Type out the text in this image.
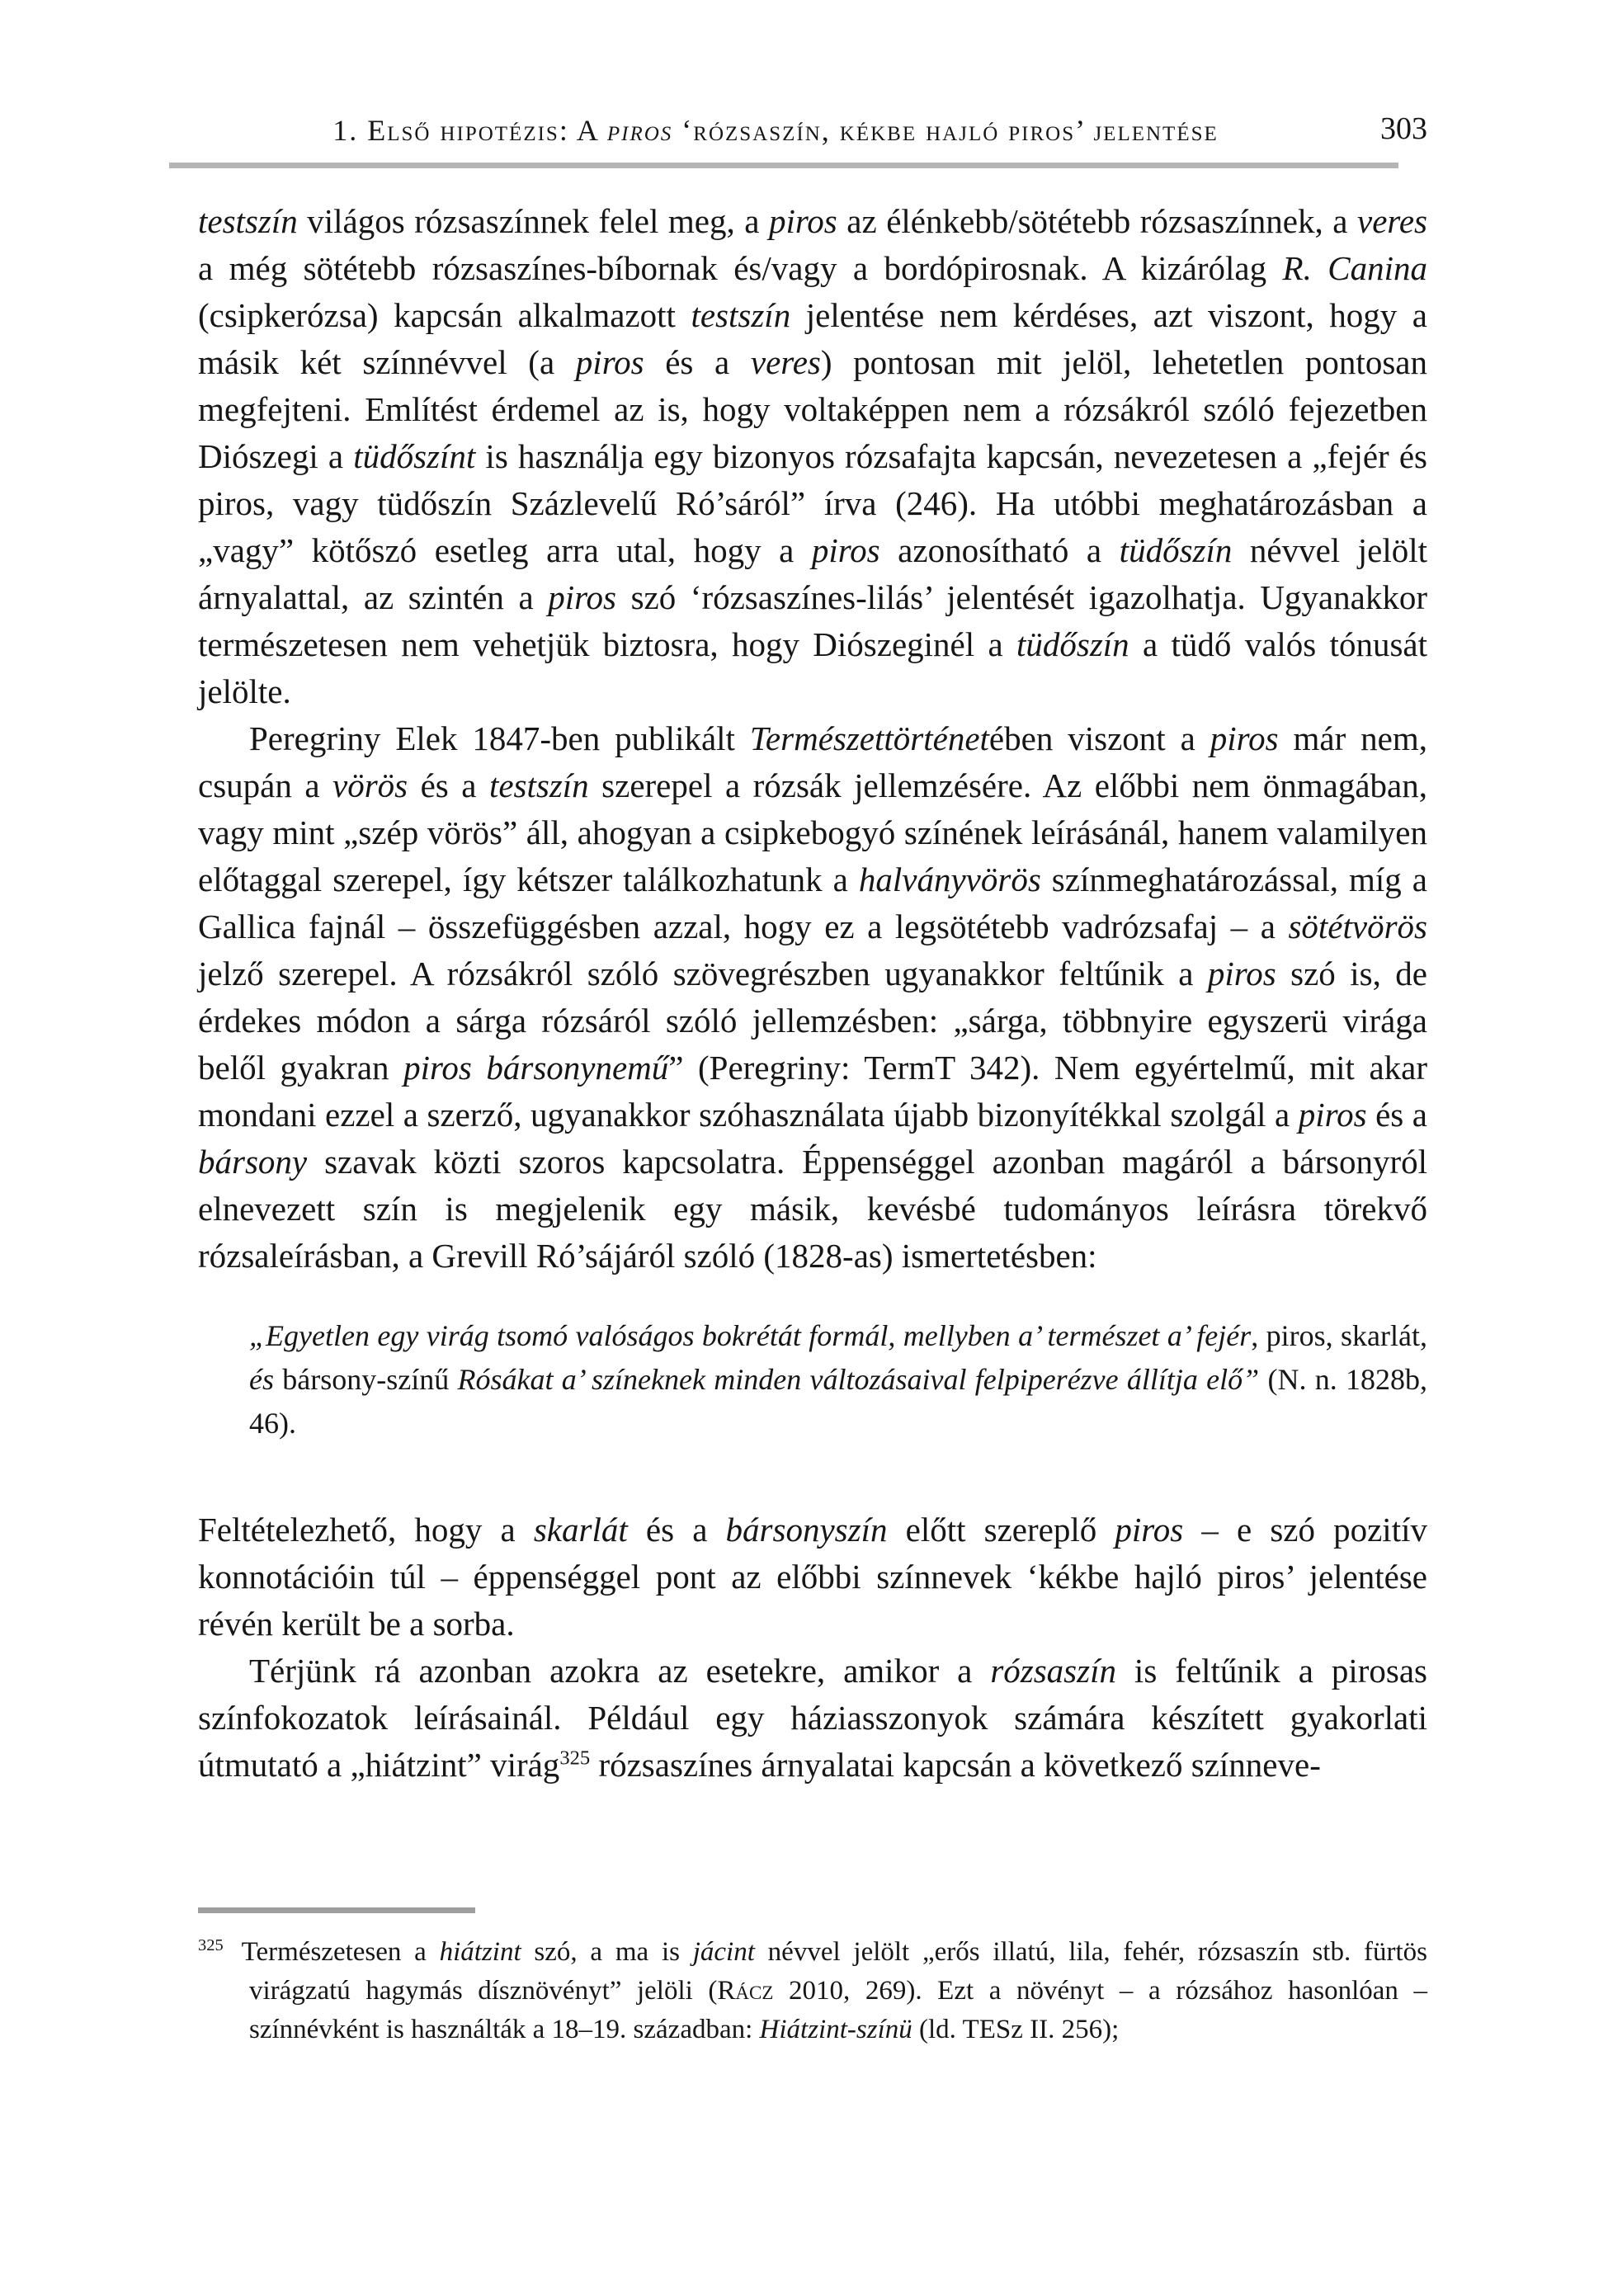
1. Első hipotézis: A piros ‘rózsaszín, kékbe hajló piros’ jelentése	303

testszín világos rózsaszínnek felel meg, a piros az élénkebb/sötétebb rózsaszínnek, a veres a még sötétebb rózsaszínes-bíbornak és/vagy a bordópirosnak. A kizárólag R. Canina (csipkerózsa) kapcsán alkalmazott testszín jelentése nem kérdéses, azt viszont, hogy a másik két színnévvel (a piros és a veres) pontosan mit jelöl, lehetetlen pontosan megfejteni. Említést érdemel az is, hogy voltaképpen nem a rózsákról szóló fejezetben Diószegi a tüdőszínt is használja egy bizonyos rózsafajta kapcsán, nevezetesen a „fejér és piros, vagy tüdőszín Százlevelű Ró’sáról” írva (246). Ha utóbbi meghatározásban a „vagy” kötőszó esetleg arra utal, hogy a piros azonosítható a tüdőszín névvel jelölt árnyalattal, az szintén a piros szó ‘rózsaszínes-lilás’ jelentését igazolhatja. Ugyanakkor természetesen nem vehetjük biztosra, hogy Diószeginél a tüdőszín a tüdő valós tónusát jelölte.

Peregriny Elek 1847-ben publikált Természettörténetében viszont a piros már nem, csupán a vörös és a testszín szerepel a rózsák jellemzésére. Az előbbi nem önmagában, vagy mint „szép vörös” áll, ahogyan a csipkebogyó színének leírásánál, hanem valamilyen előtaggal szerepel, így kétszer találkozhatunk a halványvörös színmeghatározással, míg a Gallica fajnál – összefüggésben azzal, hogy ez a legsötétebb vadrózsafaj – a sötétvörös jelző szerepel. A rózsákról szóló szövegrészben ugyanakkor feltűnik a piros szó is, de érdekes módon a sárga rózsáról szóló jellemzésben: „sárga, többnyire egyszerü virága belől gyakran piros bársonynemű” (Peregriny: TermT 342). Nem egyértelmű, mit akar mondani ezzel a szerző, ugyanakkor szóhasználata újabb bizonyítékkal szolgál a piros és a bársony szavak közti szoros kapcsolatra. Éppenséggel azonban magáról a bársonyról elnevezett szín is megjelenik egy másik, kevésbé tudományos leírásra törekvő rózsaleírásban, a Grevill Ró’sájáról szóló (1828-as) ismertetésben:

„Egyetlen egy virág tsomó valóságos bokrétát formál, mellyben a’ természet a’ fejér, piros, skarlát, és bársony-színű Rósákat a’ színeknek minden változásaival felpiperézve állítja elő” (N. n. 1828b, 46).

Feltételezhető, hogy a skarlát és a bársonyszín előtt szereplő piros – e szó pozitív konnotációin túl – éppenséggel pont az előbbi színnevek ‘kékbe hajló piros’ jelentése révén került be a sorba.

Térjünk rá azonban azokra az esetekre, amikor a rózsaszín is feltűnik a pirosas színfokozatok leírásainál. Például egy háziasszonyok számára készített gyakorlati útmutató a „hiátzint” virág$^{325}$ rózsaszínes árnyalatai kapcsán a következő színneve-

$^{325}$ Természetesen a hiátzint szó, a ma is jácint névvel jelölt „erős illatú, lila, fehér, rózsaszín stb. fürtös virágzatú hagymás dísznövényt” jelöli (Rácz 2010, 269). Ezt a növényt – a rózsához hasonlóan – színnévként is használták a 18–19. században: Hiátzint-színü (ld. TESz II. 256);
